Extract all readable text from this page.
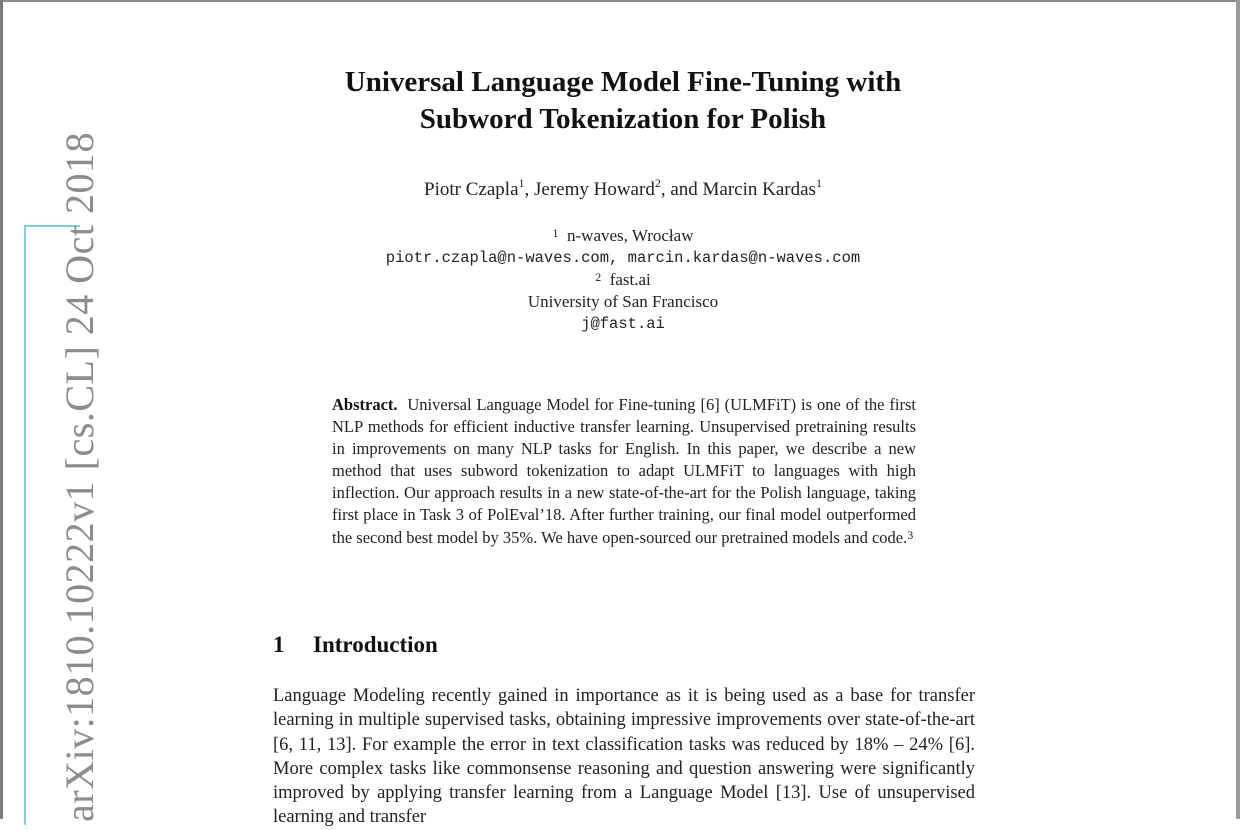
arXiv:1810.10222v1 [cs.CL] 24 Oct 2018
Universal Language Model Fine-Tuning with
Subword Tokenization for Polish
Piotr Czapla$^1$, Jeremy Howard$^2$, and Marcin Kardas$^1$
$^1$ n-waves, Wrocław
piotr.czapla@n-waves.com, marcin.kardas@n-waves.com
$^2$ fast.ai
University of San Francisco
j@fast.ai
Abstract. Universal Language Model for Fine-tuning [6] (ULMFiT) is one of the first NLP methods for efficient inductive transfer learning. Unsupervised pretraining results in improvements on many NLP tasks for English. In this paper, we describe a new method that uses subword tokenization to adapt ULMFiT to languages with high inflection. Our approach results in a new state-of-the-art for the Polish language, taking first place in Task 3 of PolEval’18. After further training, our final model outperformed the second best model by 35%. We have open-sourced our pretrained models and code.$^3$
1 Introduction
Language Modeling recently gained in importance as it is being used as a base for transfer learning in multiple supervised tasks, obtaining impressive improvements over state-of-the-art [6, 11, 13]. For example the error in text classification tasks was reduced by 18% – 24% [6]. More complex tasks like commonsense reasoning and question answering were significantly improved by applying transfer learning from a Language Model [13]. Use of unsupervised learning and transfer
